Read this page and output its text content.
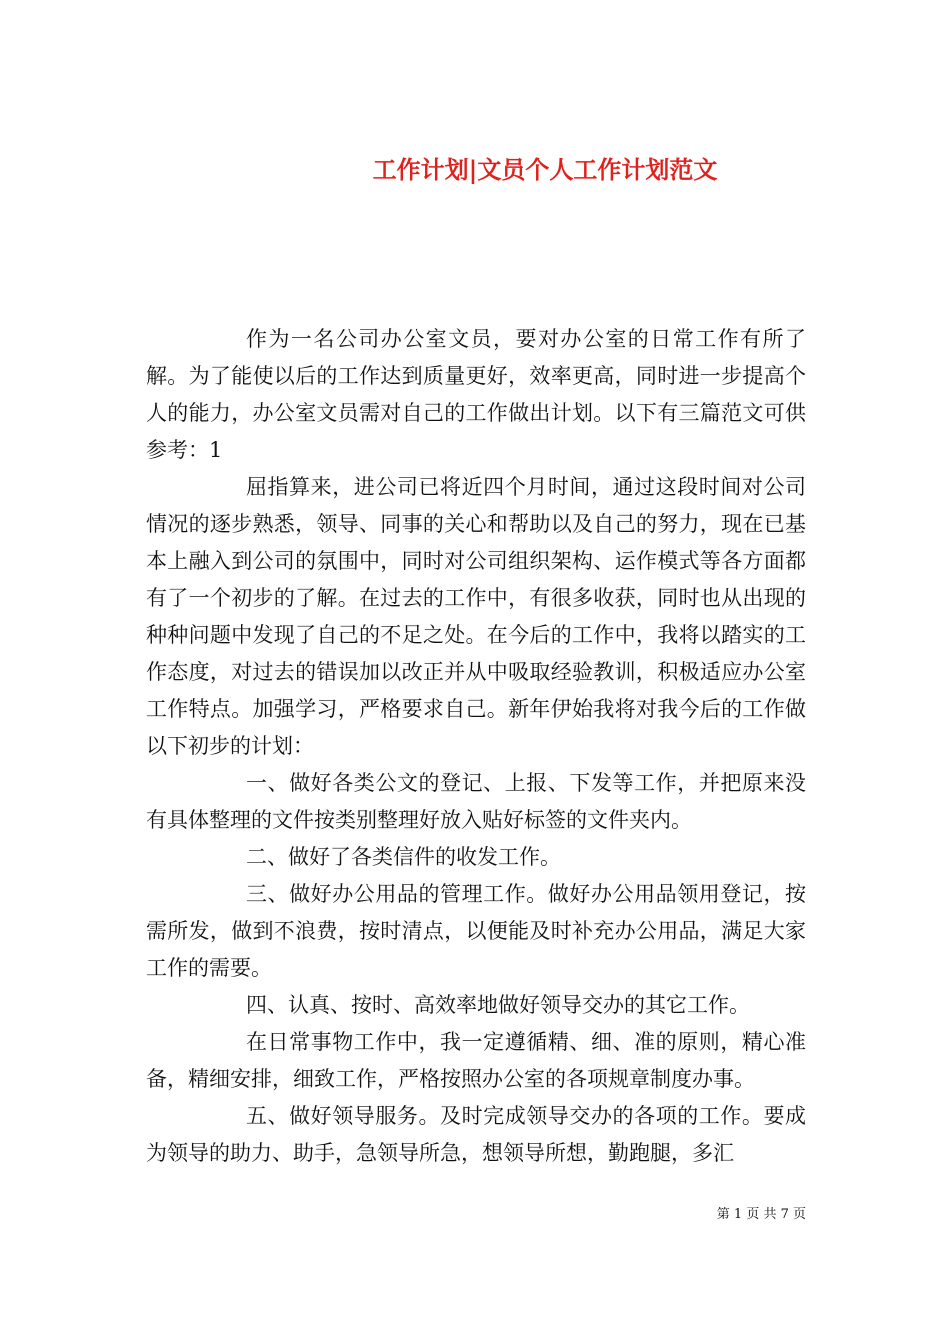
工作计划|文员个人工作计划范文

作为一名公司办公室文员，要对办公室的日常工作有所了解。为了能使以后的工作达到质量更好，效率更高，同时进一步提高个人的能力，办公室文员需对自己的工作做出计划。以下有三篇范文可供参考：1

屈指算来，进公司已将近四个月时间，通过这段时间对公司情况的逐步熟悉，领导、同事的关心和帮助以及自己的努力，现在已基本上融入到公司的氛围中，同时对公司组织架构、运作模式等各方面都有了一个初步的了解。在过去的工作中，有很多收获，同时也从出现的种种问题中发现了自己的不足之处。在今后的工作中，我将以踏实的工作态度，对过去的错误加以改正并从中吸取经验教训，积极适应办公室工作特点。加强学习，严格要求自己。新年伊始我将对我今后的工作做以下初步的计划：

一、做好各类公文的登记、上报、下发等工作，并把原来没有具体整理的文件按类别整理好放入贴好标签的文件夹内。

二、做好了各类信件的收发工作。

三、做好办公用品的管理工作。做好办公用品领用登记，按需所发，做到不浪费，按时清点，以便能及时补充办公用品，满足大家工作的需要。

四、认真、按时、高效率地做好领导交办的其它工作。

在日常事物工作中，我一定遵循精、细、准的原则，精心准备，精细安排，细致工作，严格按照办公室的各项规章制度办事。

五、做好领导服务。及时完成领导交办的各项的工作。要成为领导的助力、助手，急领导所急，想领导所想，勤跑腿，多汇

第 1 页 共 7 页
